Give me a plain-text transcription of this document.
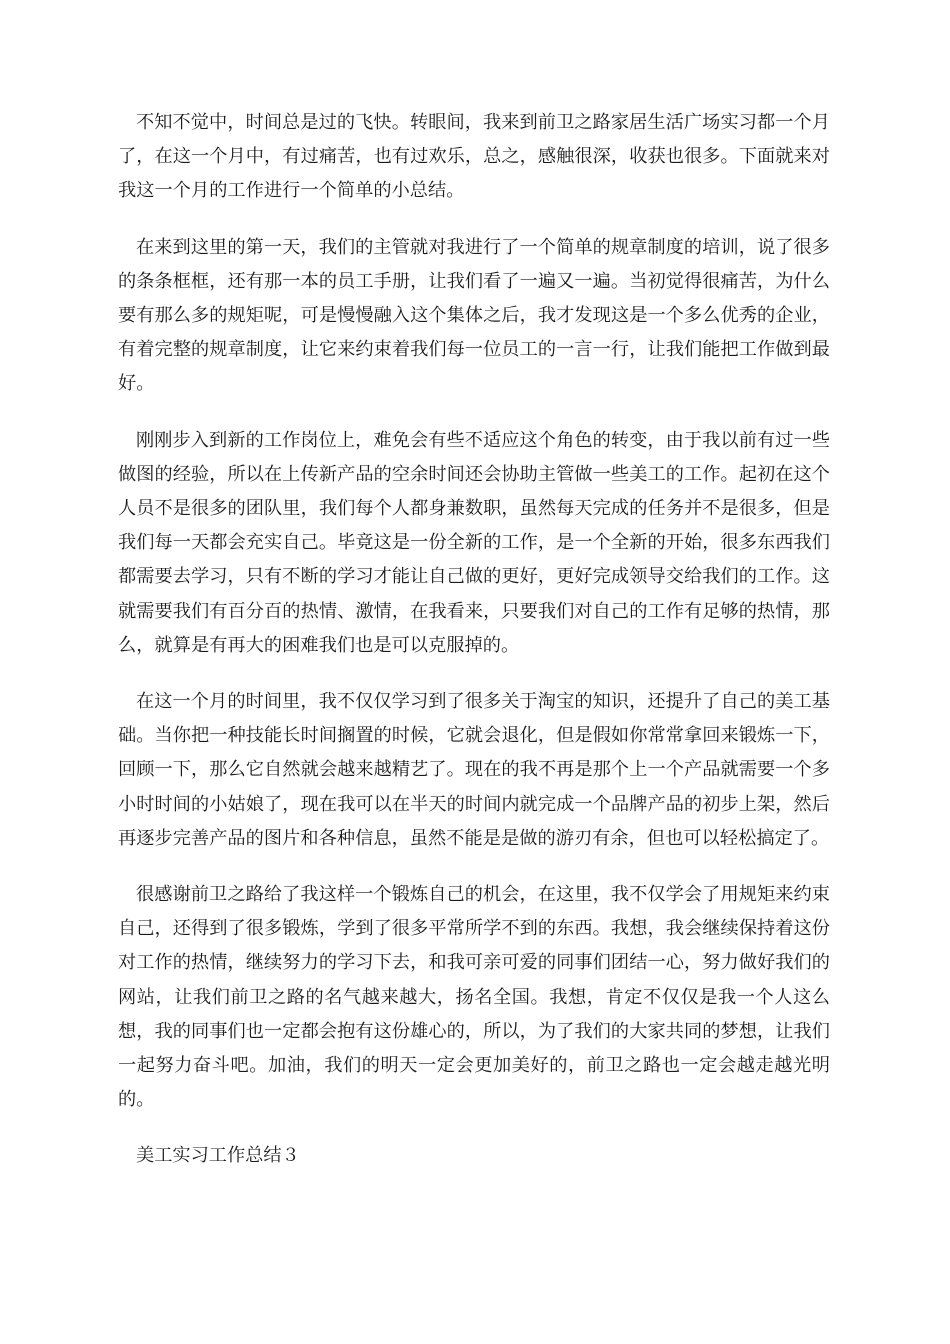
不知不觉中，时间总是过的飞快。转眼间，我来到前卫之路家居生活广场实习都一个月了，在这一个月中，有过痛苦，也有过欢乐，总之，感触很深，收获也很多。下面就来对我这一个月的工作进行一个简单的小总结。

在来到这里的第一天，我们的主管就对我进行了一个简单的规章制度的培训，说了很多的条条框框，还有那一本的员工手册，让我们看了一遍又一遍。当初觉得很痛苦，为什么要有那么多的规矩呢，可是慢慢融入这个集体之后，我才发现这是一个多么优秀的企业，有着完整的规章制度，让它来约束着我们每一位员工的一言一行，让我们能把工作做到最好。

刚刚步入到新的工作岗位上，难免会有些不适应这个角色的转变，由于我以前有过一些做图的经验，所以在上传新产品的空余时间还会协助主管做一些美工的工作。起初在这个人员不是很多的团队里，我们每个人都身兼数职，虽然每天完成的任务并不是很多，但是我们每一天都会充实自己。毕竟这是一份全新的工作，是一个全新的开始，很多东西我们都需要去学习，只有不断的学习才能让自己做的更好，更好完成领导交给我们的工作。这就需要我们有百分百的热情、激情，在我看来，只要我们对自己的工作有足够的热情，那么，就算是有再大的困难我们也是可以克服掉的。

在这一个月的时间里，我不仅仅学习到了很多关于淘宝的知识，还提升了自己的美工基础。当你把一种技能长时间搁置的时候，它就会退化，但是假如你常常拿回来锻炼一下，回顾一下，那么它自然就会越来越精艺了。现在的我不再是那个上一个产品就需要一个多小时时间的小姑娘了，现在我可以在半天的时间内就完成一个品牌产品的初步上架，然后再逐步完善产品的图片和各种信息，虽然不能是是做的游刃有余，但也可以轻松搞定了。

很感谢前卫之路给了我这样一个锻炼自己的机会，在这里，我不仅学会了用规矩来约束自己，还得到了很多锻炼，学到了很多平常所学不到的东西。我想，我会继续保持着这份对工作的热情，继续努力的学习下去，和我可亲可爱的同事们团结一心，努力做好我们的网站，让我们前卫之路的名气越来越大，扬名全国。我想，肯定不仅仅是我一个人这么想，我的同事们也一定都会抱有这份雄心的，所以，为了我们的大家共同的梦想，让我们一起努力奋斗吧。加油，我们的明天一定会更加美好的，前卫之路也一定会越走越光明的。

美工实习工作总结３
